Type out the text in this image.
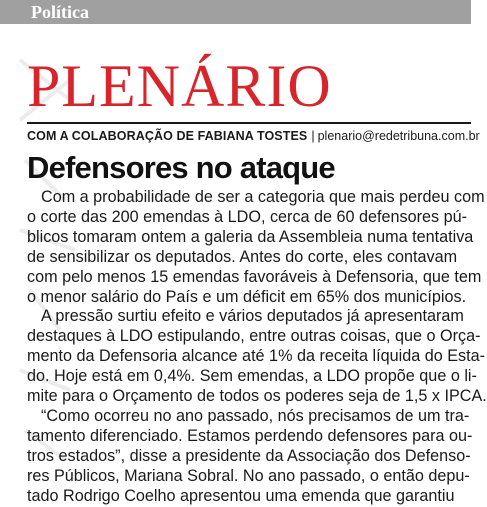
Política
PLENÁRIO
COM A COLABORAÇÃO DE FABIANA TOSTES | plenario@redetribuna.com.br
Defensores no ataque

Com a probabilidade de ser a categoria que mais perdeu com
o corte das 200 emendas à LDO, cerca de 60 defensores pú-
blicos tomaram ontem a galeria da Assembleia numa tentativa
de sensibilizar os deputados. Antes do corte, eles contavam
com pelo menos 15 emendas favoráveis à Defensoria, que tem
o menor salário do País e um déficit em 65% dos municípios.

A pressão surtiu efeito e vários deputados já apresentaram
destaques à LDO estipulando, entre outras coisas, que o Orça-
mento da Defensoria alcance até 1% da receita líquida do Esta-
do. Hoje está em 0,4%. Sem emendas, a LDO propõe que o li-
mite para o Orçamento de todos os poderes seja de 1,5 x IPCA.

“Como ocorreu no ano passado, nós precisamos de um tra-
tamento diferenciado. Estamos perdendo defensores para ou-
tros estados”, disse a presidente da Associação dos Defenso-
res Públicos, Mariana Sobral. No ano passado, o então depu-
tado Rodrigo Coelho apresentou uma emenda que garantiu
